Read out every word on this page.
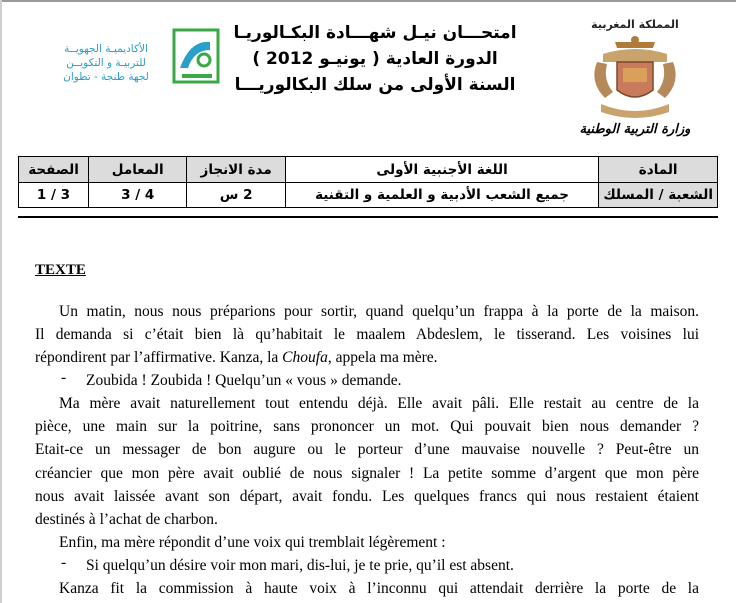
الأكاديميـة الجهويــة
للتربيـة و التكويــن
لجهة طنجة - تطوان
امتحـــان نيـل شهـــادة البكـالوريـا
الدورة العادية ( يونيـو 2012 )
السنة الأولى من سلك البكالوريـــا
المملكة المغربية
وزارة التربية الوطنية
المادة	اللغة الأجنبية الأولى	مدة الانجاز	المعامل	الصفحة
الشعبة / المسلك	جميع الشعب الأدبية و العلمية و التقنية	2 س	4 / 3	3 / 1
TEXTE
Un matin, nous nous préparions pour sortir, quand quelqu’un frappa à la porte de la maison.
Il demanda si c’était bien là qu’habitait le maalem Abdeslem, le tisserand. Les voisines lui
répondirent par l’affirmative. Kanza, la Choufa, appela ma mère.
- Zoubida ! Zoubida ! Quelqu’un « vous » demande.
Ma mère avait naturellement tout entendu déjà. Elle avait pâli. Elle restait au centre de la
pièce, une main sur la poitrine, sans prononcer un mot. Qui pouvait bien nous demander ?
Etait-ce un messager de bon augure ou le porteur d’une mauvaise nouvelle ? Peut-être un
créancier que mon père avait oublié de nous signaler ! La petite somme d’argent que mon père
nous avait laissée avant son départ, avait fondu. Les quelques francs qui nous restaient étaient
destinés à l’achat de charbon.
Enfin, ma mère répondit d’une voix qui tremblait légèrement :
- Si quelqu’un désire voir mon mari, dis-lui, je te prie, qu’il est absent.
Kanza fit la commission à haute voix à l’inconnu qui attendait derrière la porte de la
